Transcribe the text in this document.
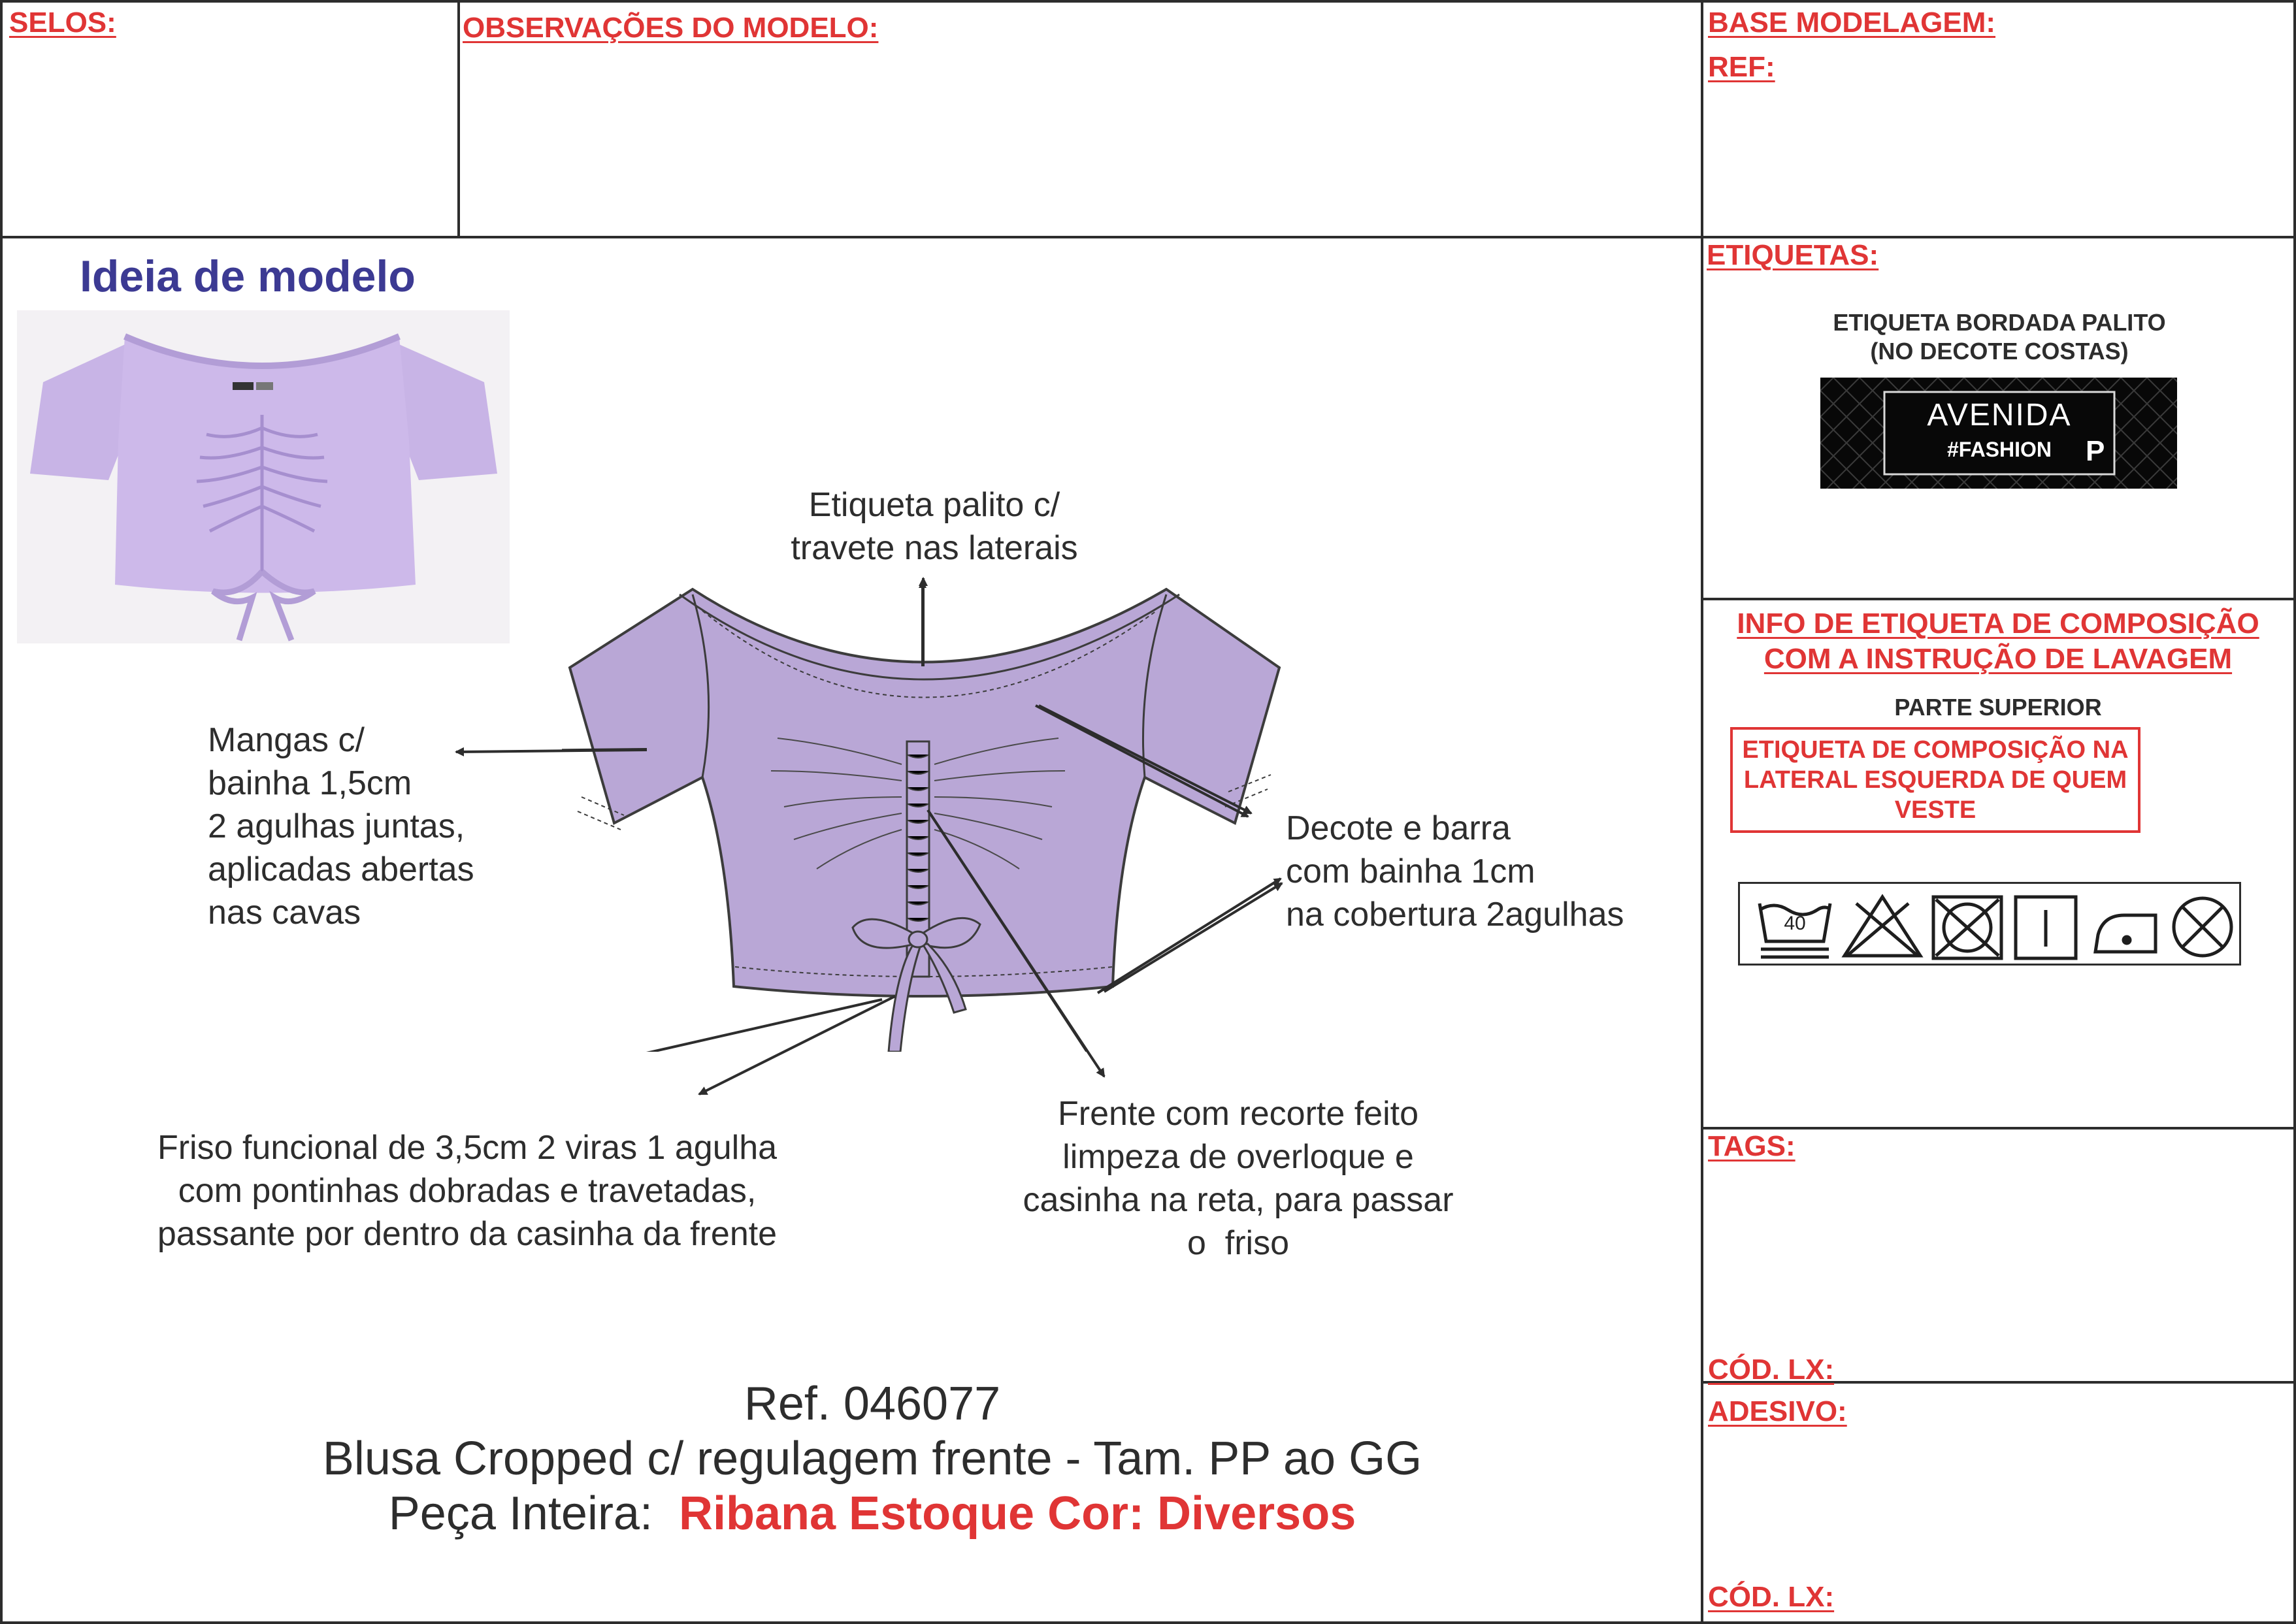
SELOS:	OBSERVAÇÕES DO MODELO:	BASE MODELAGEM:
REF:
Ideia de modelo
Etiqueta palito c/
travete nas laterais
Mangas c/
bainha 1,5cm
2 agulhas juntas,
aplicadas abertas
nas cavas
Decote e barra
com bainha 1cm
na cobertura 2agulhas
Friso funcional de 3,5cm 2 viras 1 agulha
com pontinhas dobradas e travetadas,
passante por dentro da casinha da frente
Frente com recorte feito
limpeza de overloque e
casinha na reta, para passar
o  friso
Ref. 046077
Blusa Cropped c/ regulagem frente - Tam. PP ao GG
Peça Inteira: Ribana Estoque Cor: Diversos
ETIQUETAS:
ETIQUETA BORDADA PALITO
(NO DECOTE COSTAS)
AVENIDA
#FASHION	P
INFO DE ETIQUETA DE COMPOSIÇÃO
COM A INSTRUÇÃO DE LAVAGEM
PARTE SUPERIOR
ETIQUETA DE COMPOSIÇÃO NA
LATERAL ESQUERDA DE QUEM
VESTE
40
TAGS:
CÓD. LX:
ADESIVO:
CÓD. LX:
